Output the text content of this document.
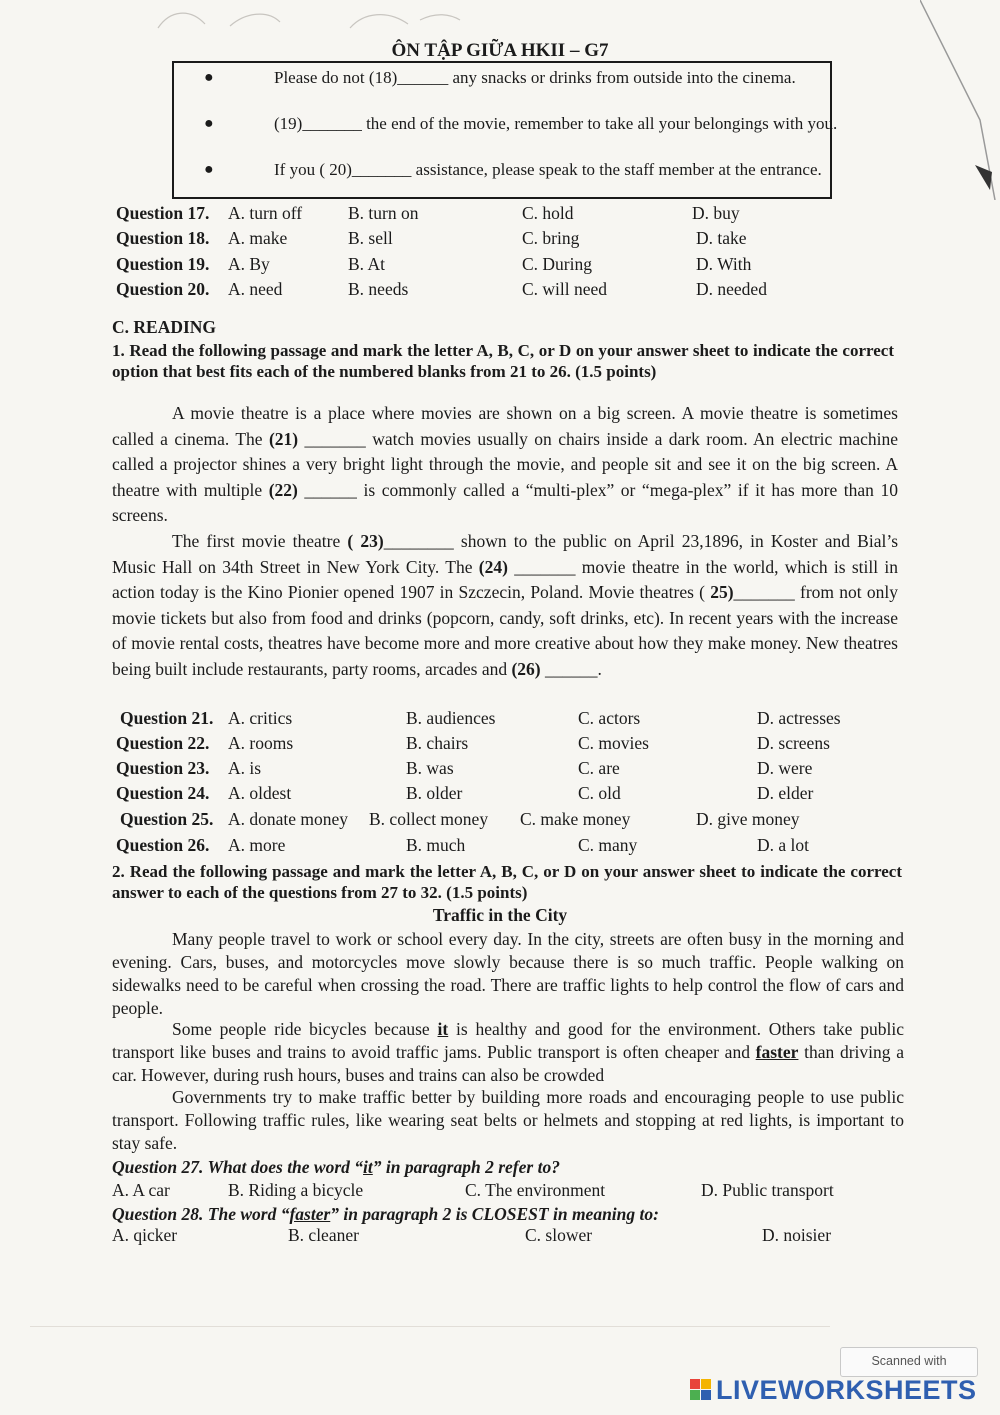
ÔN TẬP GIỮA HKII – G7
●	Please do not (18)______ any snacks or drinks from outside into the cinema.
●	(19)_______ the end of the movie, remember to take all your belongings with you.
●	If you ( 20)_______ assistance, please speak to the staff member at the entrance.
Question 17. A. turn off	B. turn on	C. hold	D. buy
Question 18. A. make	B. sell	C. bring	D. take
Question 19. A. By	B. At	C. During	D. With
Question 20. A. need	B. needs	C. will need	D. needed
C. READING
1. Read the following passage and mark the letter A, B, C, or D on your answer sheet to indicate the correct option that best fits each of the numbered blanks from 21 to 26. (1.5 points)
A movie theatre is a place where movies are shown on a big screen. A movie theatre is sometimes called a cinema. The (21) _______ watch movies usually on chairs inside a dark room. An electric machine called a projector shines a very bright light through the movie, and people sit and see it on the big screen. A theatre with multiple (22) ______ is commonly called a “multi-plex” or “mega-plex” if it has more than 10 screens.
The first movie theatre ( 23)________ shown to the public on April 23,1896, in Koster and Bial’s Music Hall on 34th Street in New York City. The (24) _______ movie theatre in the world, which is still in action today is the Kino Pionier opened 1907 in Szczecin, Poland. Movie theatres ( 25)_______ from not only movie tickets but also from food and drinks (popcorn, candy, soft drinks, etc). In recent years with the increase of movie rental costs, theatres have become more and more creative about how they make money. New theatres being built include restaurants, party rooms, arcades and (26) ______.
Question 21. A. critics	B. audiences	C. actors	D. actresses
Question 22. A. rooms	B. chairs	C. movies	D. screens
Question 23. A. is	B. was	C. are	D. were
Question 24. A. oldest	B. older	C. old	D. elder
Question 25. A. donate money B. collect money C. make money	D. give money
Question 26. A. more	B. much	C. many	D. a lot
2. Read the following passage and mark the letter A, B, C, or D on your answer sheet to indicate the correct answer to each of the questions from 27 to 32. (1.5 points)
Traffic in the City
Many people travel to work or school every day. In the city, streets are often busy in the morning and evening. Cars, buses, and motorcycles move slowly because there is so much traffic. People walking on sidewalks need to be careful when crossing the road. There are traffic lights to help control the flow of cars and people.
Some people ride bicycles because it is healthy and good for the environment. Others take public transport like buses and trains to avoid traffic jams. Public transport is often cheaper and faster than driving a car. However, during rush hours, buses and trains can also be crowded
Governments try to make traffic better by building more roads and encouraging people to use public transport. Following traffic rules, like wearing seat belts or helmets and stopping at red lights, is important to stay safe.
Question 27. What does the word “it” in paragraph 2 refer to?
A. A car	B. Riding a bicycle	C. The environment	D. Public transport
Question 28. The word “faster” in paragraph 2 is CLOSEST in meaning to:
A. qicker	B. cleaner	C. slower	D. noisier
Scanned with
LIVEWORKSHEETS
